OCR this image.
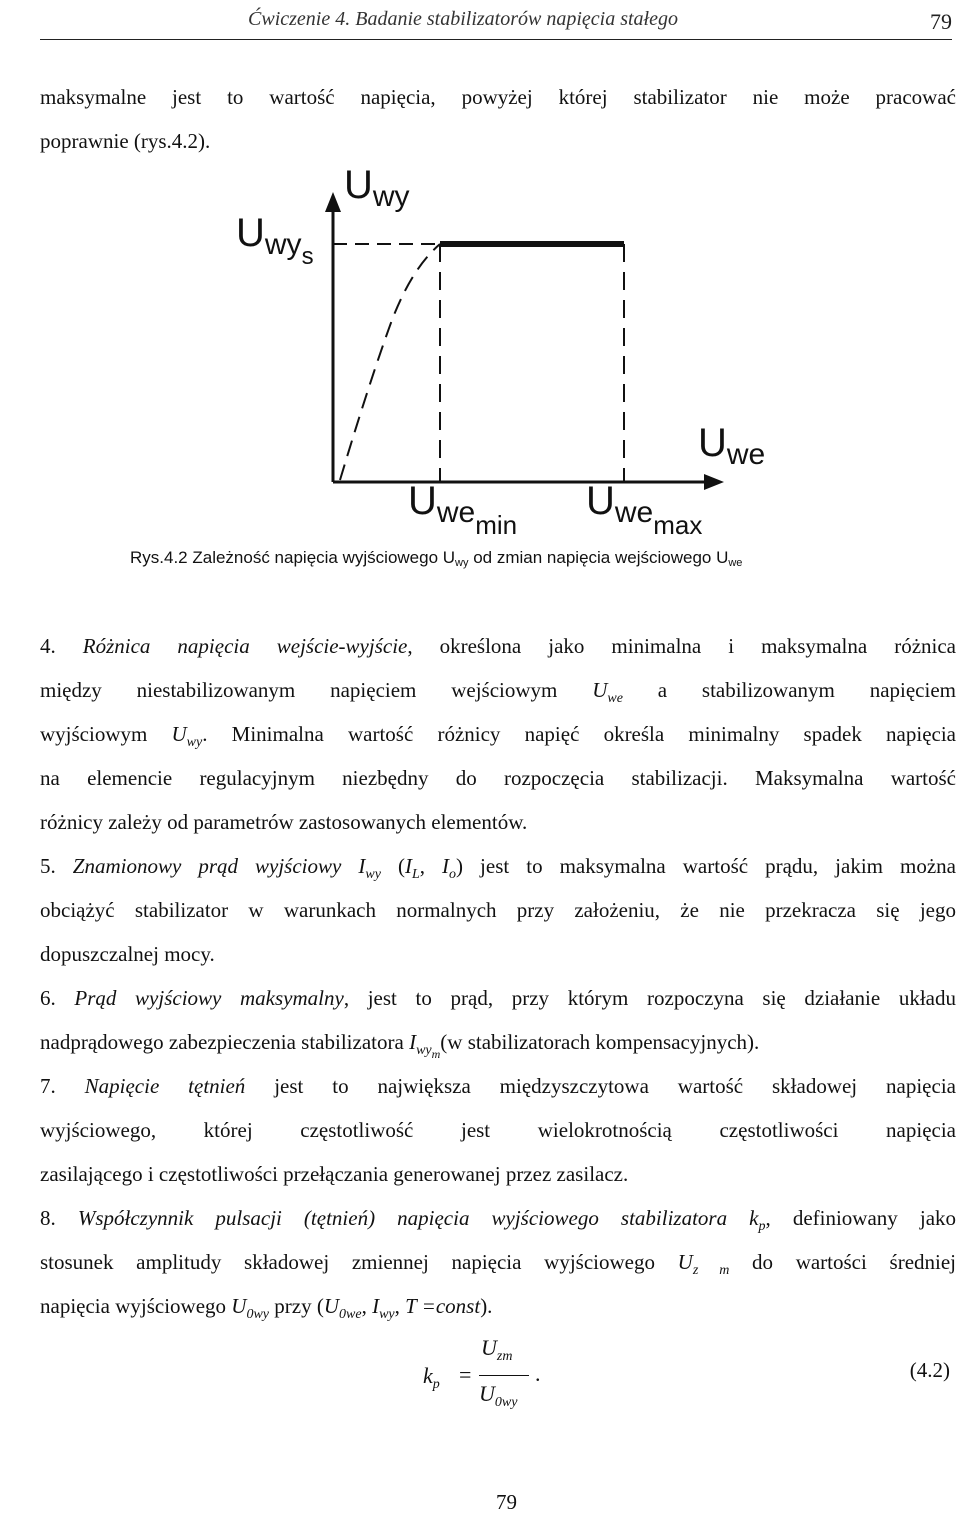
Ćwiczenie 4. Badanie stabilizatorów napięcia stałego	79
maksymalne jest to wartość napięcia, powyżej której stabilizator nie może pracować
poprawnie (rys.4.2).
$U_{wy}$
$U_{wys}$
$U_{we}$
$U_{wemin}$
$U_{wemax}$
Rys.4.2 Zależność napięcia wyjściowego $U_{wy}$ od zmian napięcia wejściowego $U_{we}$
4. Różnica napięcia wejście-wyjście, określona jako minimalna i maksymalna różnica
między niestabilizowanym napięciem wejściowym $U_{we}$ a stabilizowanym napięciem
wyjściowym $U_{wy}$. Minimalna wartość różnicy napięć określa minimalny spadek napięcia
na elemencie regulacyjnym niezbędny do rozpoczęcia stabilizacji. Maksymalna wartość
różnicy zależy od parametrów zastosowanych elementów.
5. Znamionowy prąd wyjściowy $I_{wy}$ ($I_L$, $I_o$) jest to maksymalna wartość prądu, jakim można
obciążyć stabilizator w warunkach normalnych przy założeniu, że nie przekracza się jego
dopuszczalnej mocy.
6. Prąd wyjściowy maksymalny, jest to prąd, przy którym rozpoczyna się działanie układu
nadprądowego zabezpieczenia stabilizatora $I_{wym}(w$ stabilizatorach kompensacyjnych).
7. Napięcie tętnień jest to największa międzyszczytowa wartość składowej napięcia
wyjściowego, której częstotliwość jest wielokrotnością częstotliwości napięcia
zasilającego i częstotliwości przełączania generowanej przez zasilacz.
8. Współczynnik pulsacji (tętnień) napięcia wyjściowego stabilizatora $k_p$, definiowany jako
stosunek amplitudy składowej zmiennej napięcia wyjściowego $U_{z m}$ do wartości średniej
napięcia wyjściowego $U_{0wy}$ przy ($U_{0we}$, $I_{wy}$, T =const).
$k_p$ =
$U_{zm}$
$U_{0wy}$
.	(4.2)
79
